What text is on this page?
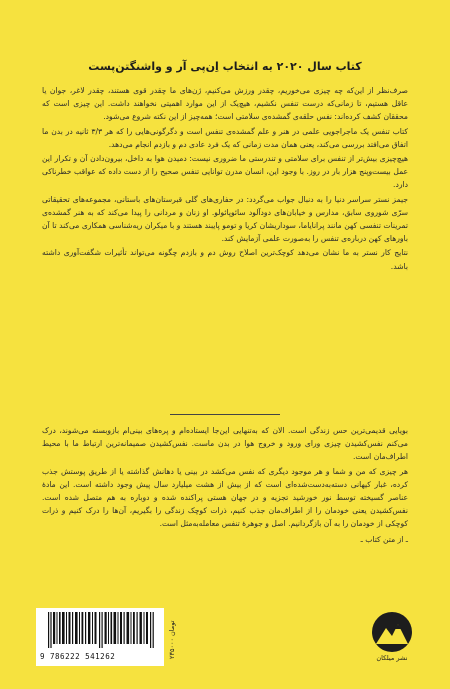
کتاب سال ۲۰۲۰ به انتخاب اِن‌پی آر و واشنگتن‌پست

صرف‌نظر از این‌که چه چیزی می‌خوریم، چقدر ورزش می‌کنیم، ژن‌های ما چقدر قوی هستند، چقدر لاغر، جوان یا عاقل هستیم، تا زمانی‌که درست تنفس نکشیم، هیچ‌یک از این موارد اهمیتی نخواهند داشت. این چیزی است که محققان کشف کرده‌اند: نفس حلقه‌ی گمشده‌ی سلامتی است؛ همه‌چیز از این نکته شروع می‌شود.

کتاب تنفس یک ماجراجویی علمی در هنر و علم گمشده‌ی تنفس است و دگرگونی‌هایی را که هر ۳/۳ ثانیه در بدن ما اتفاق می‌افتد بررسی می‌کند، یعنی همان مدت زمانی که یک فرد عادی دم و بازدم انجام می‌دهد.

هیچ‌چیزی بیش‌تر از تنفس برای سلامتی و تندرستی ما ضروری نیست: دمیدن هوا به داخل، بیرون‌دادن آن و تکرار این عمل بیست‌وپنج هزار بار در روز. با وجود این، انسان مدرن توانایی تنفس صحیح را از دست داده که عواقب خطرناکی دارد.

جیمز نستر سراسر دنیا را به دنبال جواب می‌گردد: در حفاری‌های گلی قبرستان‌های باستانی، مجموعه‌های تحقیقاتی سرّی شوروی سابق، مدارس و خیابان‌های دودآلود سائوپائولو. او زنان و مردانی را پیدا می‌کند که به هنر گمشده‌ی تمرینات تنفسی کهن مانند پرانایاما، سوداریشان کریا و تومو پایبند هستند و با میکران ریه‌شناسی همکاری می‌کند تا آن باورهای کهن درباره‌ی تنفس را به‌صورت علمی آزمایش کند.

نتایج کار نستر به ما نشان می‌دهد کوچک‌ترین اصلاح روش دم و بازدم چگونه می‌تواند تأثیرات شگفت‌آوری داشته باشد.

بویایی قدیمی‌ترین حس زندگی است. الان که به‌تنهایی این‌جا ایستاده‌ام و پره‌های بینی‌ام بازوبسته می‌شوند، درک می‌کنم نفس‌کشیدن چیزی ورای ورود و خروج هوا در بدن ماست. نفس‌کشیدن صمیمانه‌ترین ارتباط ما با محیط اطراف‌مان است.

هر چیزی که من و شما و هر موجود دیگری که نفس می‌کشد در بینی یا دهانش گذاشته یا از طریق پوستش جذب کرده، غبار کیهانی دسته‌به‌دست‌شده‌ای است که از بیش از هشت میلیارد سال پیش وجود داشته است. این مادهٔ عناصر گسیخته توسط نور خورشید تجزیه و در جهان هستی پراکنده شده و دوباره به هم متصل شده است. نفس‌کشیدن یعنی خودمان را از اطراف‌مان جذب کنیم، ذرات کوچک زندگی را بگیریم، آن‌ها را درک کنیم و ذرات کوچکی از خودمان را به آن بازگردانیم. اصل و جوهرهٔ تنفس معامله‌به‌مثل است.

ـ از متن کتاب ـ
9 786222 541262	۲۳۵۰۰۰ تومان
نشر میلکان
